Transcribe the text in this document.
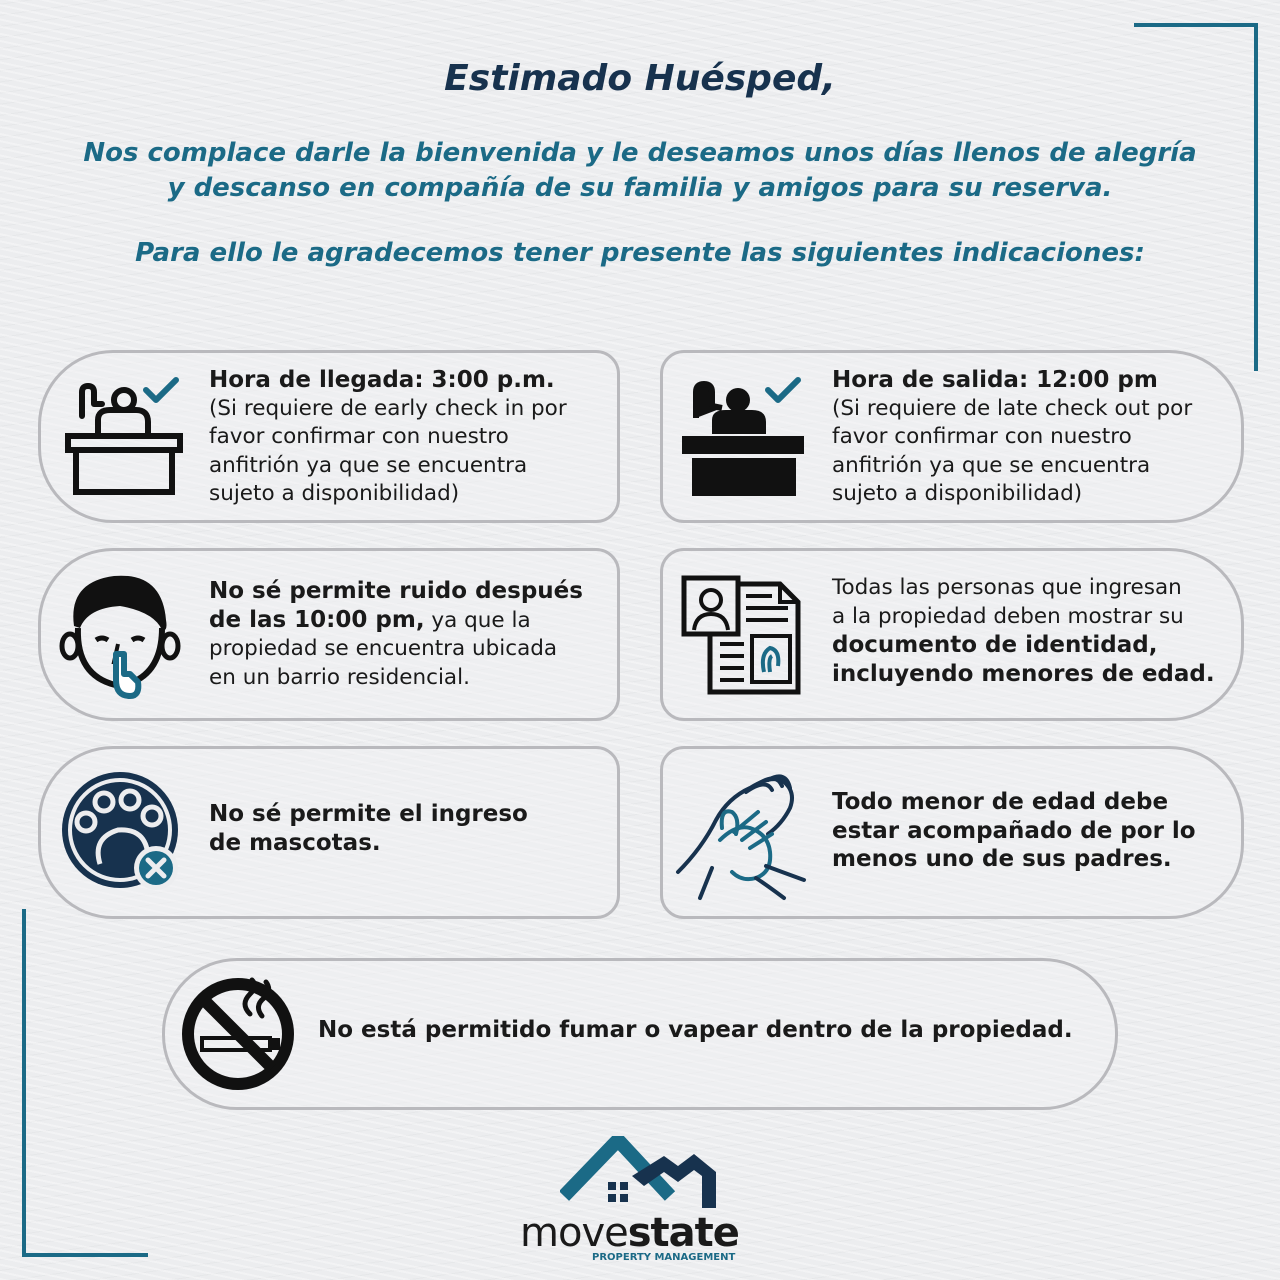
Estimado Huésped,
Nos complace darle la bienvenida y le deseamos unos días llenos de alegría
y descanso en compañía de su familia y amigos para su reserva.
Para ello le agradecemos tener presente las siguientes indicaciones:
Hora de llegada: 3:00 p.m.
(Si requiere de early check in por
favor confirmar con nuestro
anfitrión ya que se encuentra
sujeto a disponibilidad)
Hora de salida: 12:00 pm
(Si requiere de late check out por
favor confirmar con nuestro
anfitrión ya que se encuentra
sujeto a disponibilidad)
No sé permite ruido después
de las 10:00 pm, ya que la
propiedad se encuentra ubicada
en un barrio residencial.
Todas las personas que ingresan
a la propiedad deben mostrar su
documento de identidad,
incluyendo menores de edad.
No sé permite el ingreso
de mascotas.
Todo menor de edad debe
estar acompañado de por lo
menos uno de sus padres.
No está permitido fumar o vapear dentro de la propiedad.
movestate
PROPERTY MANAGEMENT
